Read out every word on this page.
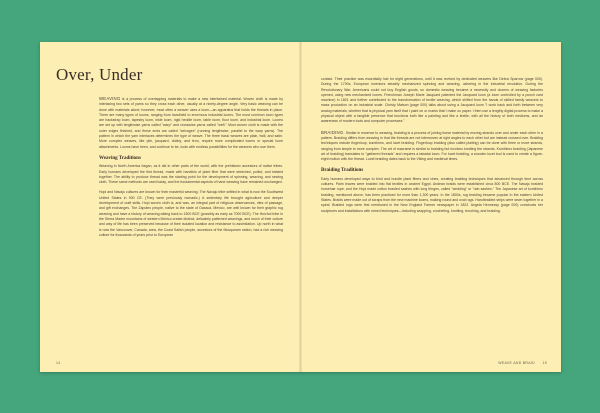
Over, Under

WEAVING is a process of overlapping materials to make a new intertwined material. Woven cloth is made by interlacing two sets of yarns so they cross each other, usually at a ninety-degree angle. Very basic weaving can be done with materials alone; however, most often a weaver uses a loom—an apparatus that holds the threads in place. There are many types of looms, ranging from handheld to enormous industrial looms. The most common loom types are backstrap loom, tapestry loom, inkle loom, rigid heddle loom, table loom, floor loom, and industrial loom. Looms are set up with lengthwise yarns called "warp" and crosswise yarns called "weft." Most woven cloth is made with the outer edges finished, and these ends are called "selvages" (running lengthwise, parallel to the warp yarns). The pattern in which the yarn interlaces determines the type of weave. The three basic weaves are plain, twill, and satin. More complex weaves, like pile, jacquard, dobby, and leno, require more complicated looms or special loom attachments. Looms have been, and continue to be, tools with endless possibilities for the weavers who use them.

Weaving Traditions

Weaving in North America began, as it did in other parts of the world, with the prehistoric ancestors of native tribes. Early humans developed the first thread, made with handfuls of plant fiber that were stretched, pulled, and twisted together. The ability to produce thread was the starting point for the development of spinning, weaving, and sewing cloth. These same methods are used today, and the fundamental aspects of hand weaving have remained unchanged.

Hopi and Navajo cultures are known for their masterful weaving. The Navajo tribe settled in what is now the Southwest United States in 900 CE. (They were previously nomadic.) A sedentary life brought agriculture and deeper development of craft skills. Hopi woven cloth is, and was, an integral part of religious observances, rites of passage, and gift exchanges. The Zapotec people, native to the state of Oaxaca, Mexico, are well known for their graphic rug weaving and have a history of weaving dating back to 1500 BCE (possibly as early as 7000 BCE). The Huichol tribe in the Sierra Madre mountains of western Mexico create distinct, delicately patterned weavings, and much of their culture and way of life has been preserved because of their isolated location and resistance to assimilation. Up north in what is now the Vancouver, Canada, area, the Coast Salish people, ancestors of the Musqueam nation, had a rich weaving culture for thousands of years prior to European

14

contact. Their practice was essentially lost for eight generations, until it was revived by dedicated weavers like Debra Sparrow (page 000). During the 1700s, European inventors steadily mechanized spinning and weaving, ushering in the industrial revolution. During the Revolutionary War, Americans could not buy English goods, so domestic weaving became a necessity and dozens of weaving factories opened, using new mechanized looms. Frenchman Joseph Marie Jacquard patented the Jacquard loom (a loom controlled by a punch card machine) in 1801 and further contributed to the transformation of textile weaving, which shifted from the hands of skilled family weavers to mass production on an industrial scale. Christy Matson (page 000) talks about using a Jacquard loom "I work back and forth between very analog materials, whether that is physical yarn itself that I paint on or marks that I make on paper. I then use a lengthy digital process to make a physical object with a tangible presence that functions both like a painting and like a textile, with all the history of both mediums, and an awareness of modern tools and computer processes."

BRAIDING. Similar in essence to weaving, braiding is a process of joining linear material by moving strands over and under each other in a pattern. Braiding differs from weaving in that the threads are not interwoven at right angles to each other but are instead crossed over. Braiding techniques include fingerloop, kumihimo, and lucet braiding. Fingerloop braiding (also called plaiting) can be done with three or more strands, ranging from simple to more complex. The art of macramé is similar to braiding but involves knotting the strands. Kumihimo braiding (Japanese art of braiding) translates to "gathered threads" and requires a takadai loom. For lucet braiding, a wooden lucet tool is used to create a figure-eight motion with the thread. Lucet braiding dates back to the Viking and medieval times.

Braiding Traditions

Early humans developed ways to bind and bundle plant fibers and vines, creating braiding techniques that advanced through time across cultures. Palm leaves were braided into flat textiles in ancient Egypt. Andean braids were established circa 800 BCE. The Navajo braided horsehair rope, and the Hopi made cotton braided sashes with long fringes, called "wedding" or "rain sashes." The Japanese art of kumihimo braiding, mentioned above, has been practiced for more than 1,300 years. In the 1800s, rug braiding became popular in the eastern United States. Braids were made out of scraps from the new machine looms, making round and oval rugs. Handbraided strips were sewn together in a spiral. Braided rugs were first mentioned in the New England Farmer newspaper in 1822. Angela Hennessy (page 000) constructs her sculptures and installations with mixed techniques—including wrapping, crocheting, knotting, brushing, and braiding.

WEAVE AND BRAID 15
